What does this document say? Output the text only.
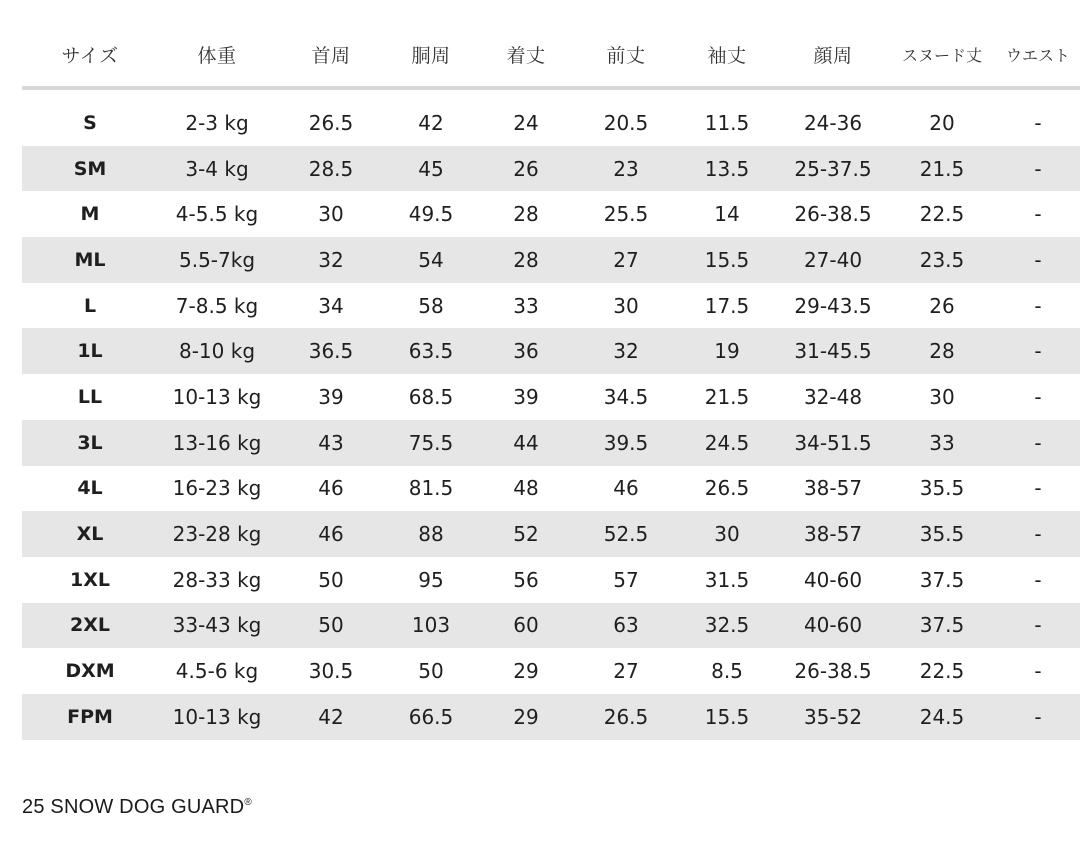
サイズ	体重	首周	胴周	着丈	前丈	袖丈	顔周	スヌード丈	ウエスト

S	2-3 kg	26.5	42	24	20.5	11.5	24-36	20	-
SM	3-4 kg	28.5	45	26	23	13.5	25-37.5	21.5	-
M	4-5.5 kg	30	49.5	28	25.5	14	26-38.5	22.5	-
ML	5.5-7kg	32	54	28	27	15.5	27-40	23.5	-
L	7-8.5 kg	34	58	33	30	17.5	29-43.5	26	-
1L	8-10 kg	36.5	63.5	36	32	19	31-45.5	28	-
LL	10-13 kg	39	68.5	39	34.5	21.5	32-48	30	-
3L	13-16 kg	43	75.5	44	39.5	24.5	34-51.5	33	-
4L	16-23 kg	46	81.5	48	46	26.5	38-57	35.5	-
XL	23-28 kg	46	88	52	52.5	30	38-57	35.5	-
1XL	28-33 kg	50	95	56	57	31.5	40-60	37.5	-
2XL	33-43 kg	50	103	60	63	32.5	40-60	37.5	-
DXM	4.5-6 kg	30.5	50	29	27	8.5	26-38.5	22.5	-
FPM	10-13 kg	42	66.5	29	26.5	15.5	35-52	24.5	-
25 SNOW DOG GUARD®
